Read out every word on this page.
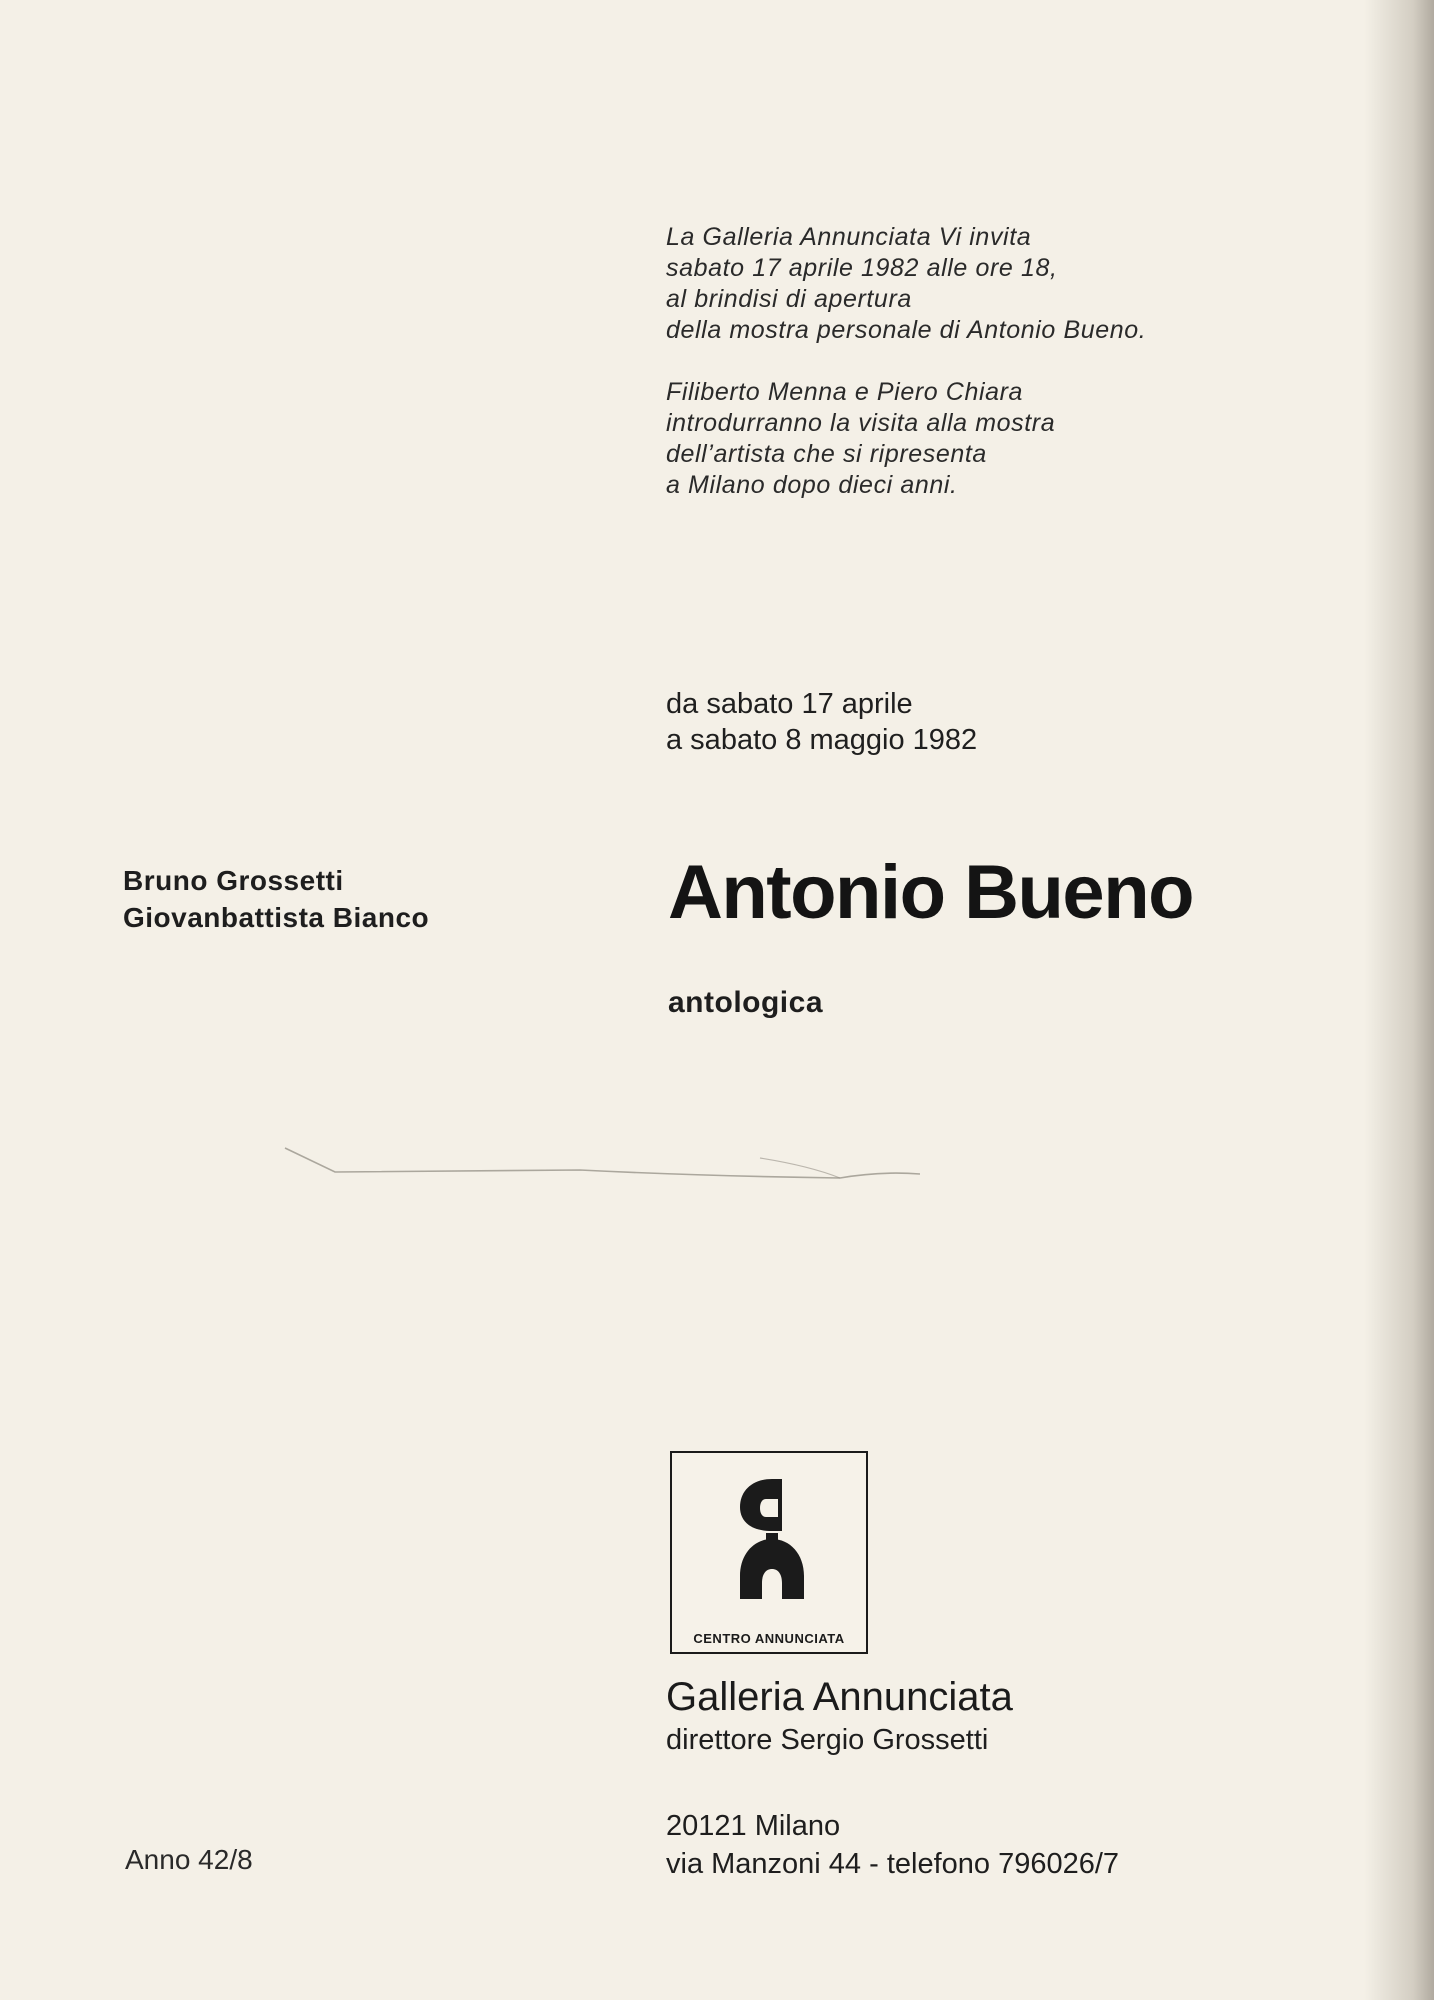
La Galleria Annunciata Vi invita
sabato 17 aprile 1982 alle ore 18,
al brindisi di apertura
della mostra personale di Antonio Bueno.

Filiberto Menna e Piero Chiara
introdurranno la visita alla mostra
dell’artista che si ripresenta
a Milano dopo dieci anni.

da sabato 17 aprile
a sabato 8 maggio 1982
Bruno Grossetti
Giovanbattista Bianco	Antonio Bueno
antologica
CENTRO ANNUNCIATA
Galleria Annunciata
direttore Sergio Grossetti
20121 Milano
via Manzoni 44 - telefono 796026/7
Anno 42/8
